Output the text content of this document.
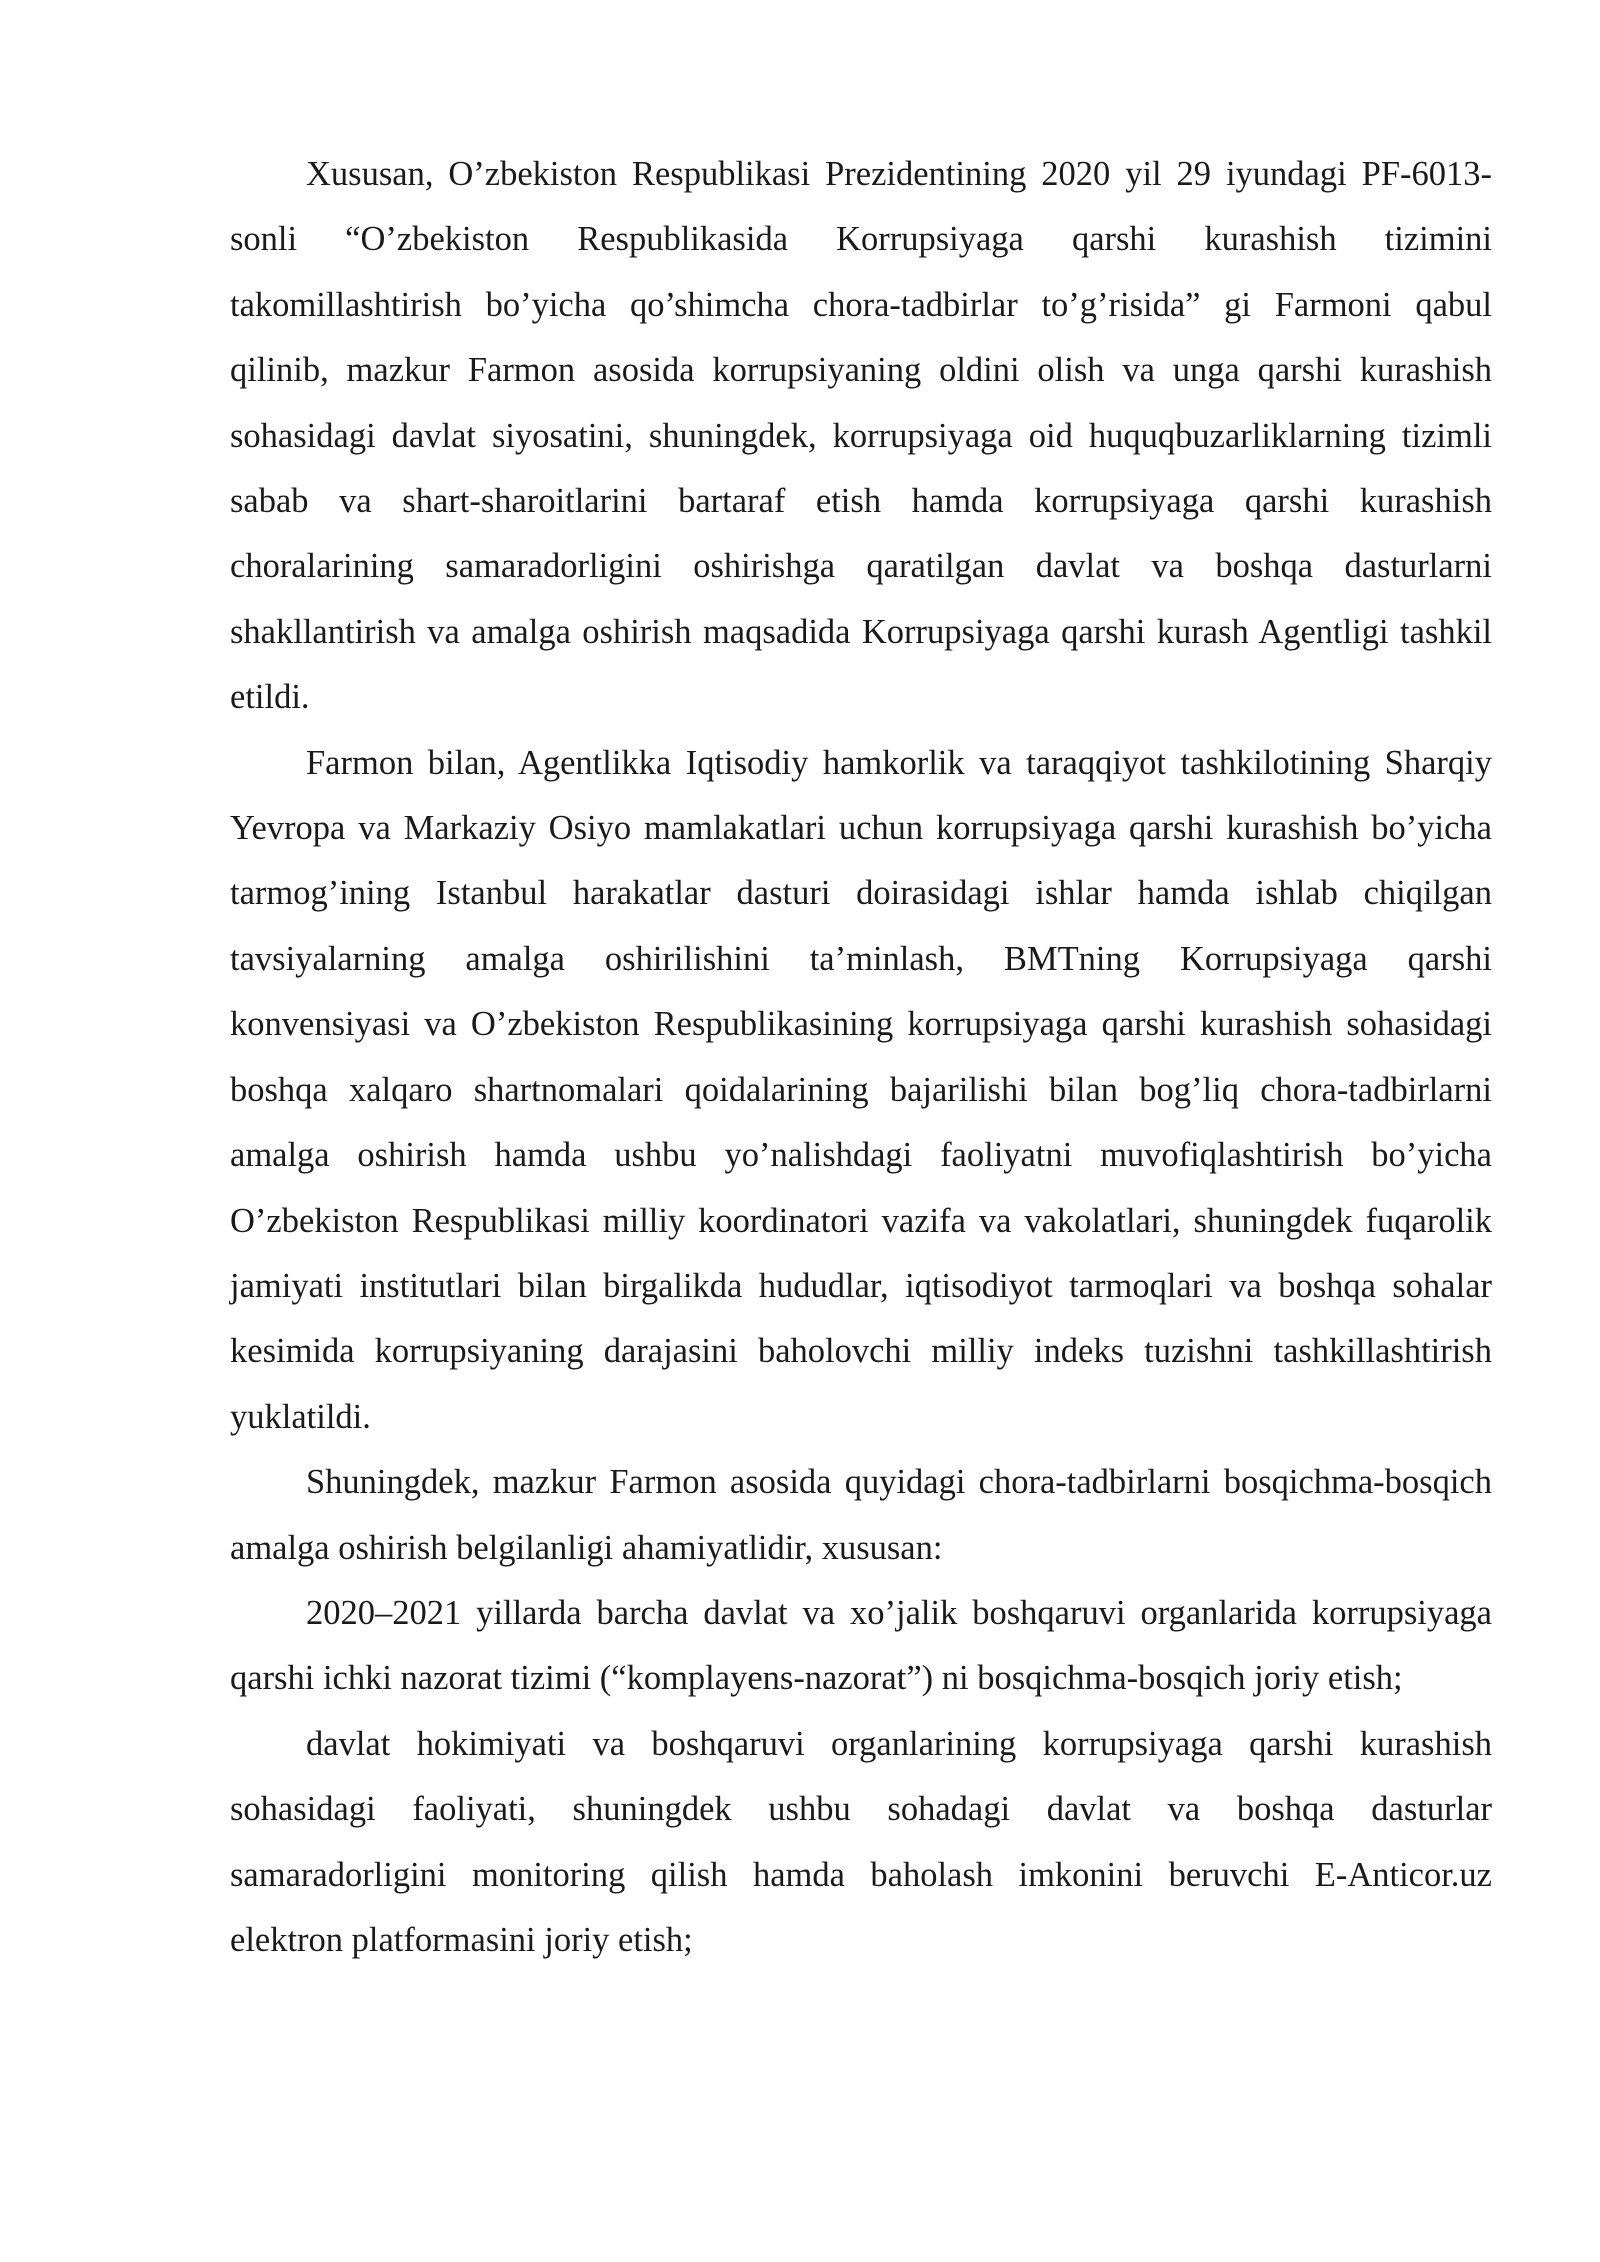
Xususan, O’zbekiston Respublikasi Prezidentining 2020 yil 29 iyundagi PF-6013-sonli “O’zbekiston Respublikasida Korrupsiyaga qarshi kurashish tizimini takomillashtirish bo’yicha qo’shimcha chora-tadbirlar to’g’risida” gi Farmoni qabul qilinib, mazkur Farmon asosida korrupsiyaning oldini olish va unga qarshi kurashish sohasidagi davlat siyosatini, shuningdek, korrupsiyaga oid huquqbuzarliklarning tizimli sabab va shart-sharoitlarini bartaraf etish hamda korrupsiyaga qarshi kurashish choralarining samaradorligini oshirishga qaratilgan davlat va boshqa dasturlarni shakllantirish va amalga oshirish maqsadida Korrupsiyaga qarshi kurash Agentligi tashkil etildi.

Farmon bilan, Agentlikka Iqtisodiy hamkorlik va taraqqiyot tashkilotining Sharqiy Yevropa va Markaziy Osiyo mamlakatlari uchun korrupsiyaga qarshi kurashish bo’yicha tarmog’ining Istanbul harakatlar dasturi doirasidagi ishlar hamda ishlab chiqilgan tavsiyalarning amalga oshirilishini ta’minlash, BMTning Korrupsiyaga qarshi konvensiyasi va O’zbekiston Respublikasining korrupsiyaga qarshi kurashish sohasidagi boshqa xalqaro shartnomalari qoidalarining bajarilishi bilan bog’liq chora-tadbirlarni amalga oshirish hamda ushbu yo’nalishdagi faoliyatni muvofiqlashtirish bo’yicha O’zbekiston Respublikasi milliy koordinatori vazifa va vakolatlari, shuningdek fuqarolik jamiyati institutlari bilan birgalikda hududlar, iqtisodiyot tarmoqlari va boshqa sohalar kesimida korrupsiyaning darajasini baholovchi milliy indeks tuzishni tashkillashtirish yuklatildi.

Shuningdek, mazkur Farmon asosida quyidagi chora-tadbirlarni bosqichma-bosqich amalga oshirish belgilanligi ahamiyatlidir, xususan:

2020–2021 yillarda barcha davlat va xo’jalik boshqaruvi organlarida korrupsiyaga qarshi ichki nazorat tizimi (“komplayens-nazorat”) ni bosqichma-bosqich joriy etish;

davlat hokimiyati va boshqaruvi organlarining korrupsiyaga qarshi kurashish sohasidagi faoliyati, shuningdek ushbu sohadagi davlat va boshqa dasturlar samaradorligini monitoring qilish hamda baholash imkonini beruvchi E-Anticor.uz elektron platformasini joriy etish;
